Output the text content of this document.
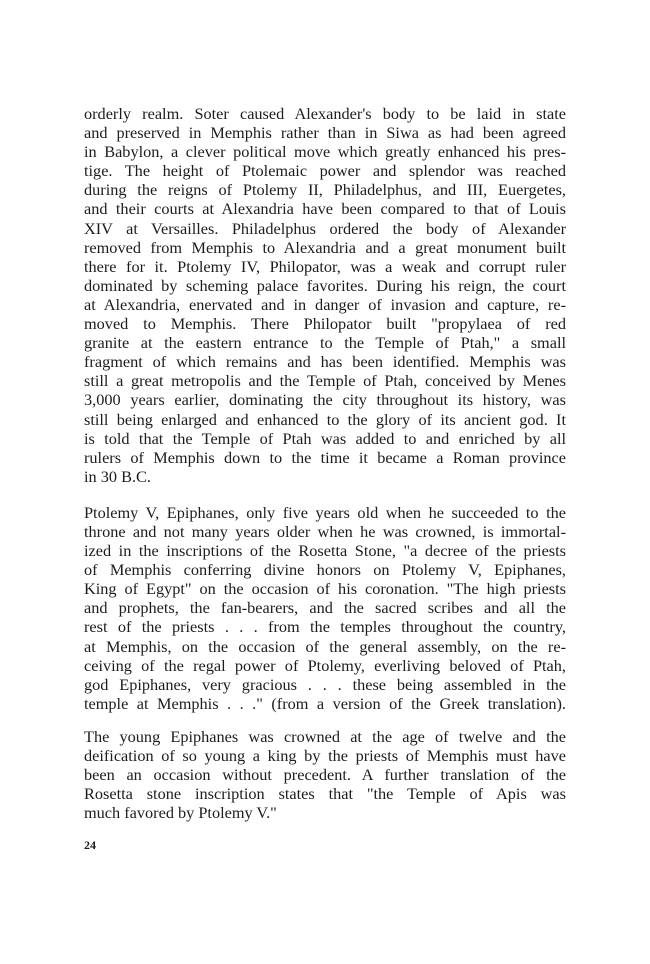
orderly realm. Soter caused Alexander's body to be laid in state
and preserved in Memphis rather than in Siwa as had been agreed
in Babylon, a clever political move which greatly enhanced his pres-
tige. The height of Ptolemaic power and splendor was reached
during the reigns of Ptolemy II, Philadelphus, and III, Euergetes,
and their courts at Alexandria have been compared to that of Louis
XIV at Versailles. Philadelphus ordered the body of Alexander
removed from Memphis to Alexandria and a great monument built
there for it. Ptolemy IV, Philopator, was a weak and corrupt ruler
dominated by scheming palace favorites. During his reign, the court
at Alexandria, enervated and in danger of invasion and capture, re-
moved to Memphis. There Philopator built "propylaea of red
granite at the eastern entrance to the Temple of Ptah," a small
fragment of which remains and has been identified. Memphis was
still a great metropolis and the Temple of Ptah, conceived by Menes
3,000 years earlier, dominating the city throughout its history, was
still being enlarged and enhanced to the glory of its ancient god. It
is told that the Temple of Ptah was added to and enriched by all
rulers of Memphis down to the time it became a Roman province
in 30 B.C.
Ptolemy V, Epiphanes, only five years old when he succeeded to the
throne and not many years older when he was crowned, is immortal-
ized in the inscriptions of the Rosetta Stone, "a decree of the priests
of Memphis conferring divine honors on Ptolemy V, Epiphanes,
King of Egypt" on the occasion of his coronation. "The high priests
and prophets, the fan-bearers, and the sacred scribes and all the
rest of the priests . . . from the temples throughout the country,
at Memphis, on the occasion of the general assembly, on the re-
ceiving of the regal power of Ptolemy, everliving beloved of Ptah,
god Epiphanes, very gracious . . . these being assembled in the
temple at Memphis . . ." (from a version of the Greek translation).
The young Epiphanes was crowned at the age of twelve and the
deification of so young a king by the priests of Memphis must have
been an occasion without precedent. A further translation of the
Rosetta stone inscription states that "the Temple of Apis was
much favored by Ptolemy V."
24
